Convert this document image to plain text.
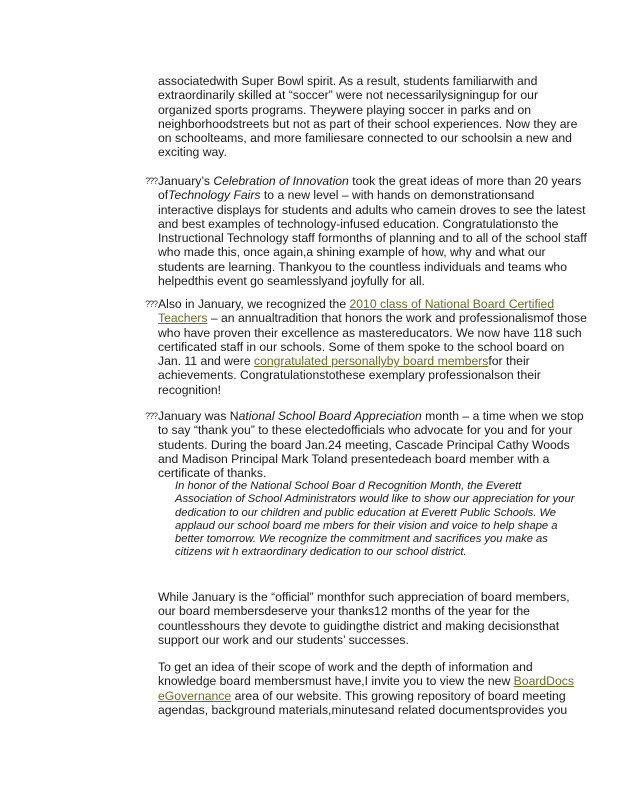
associatedwith Super Bowl spirit. As a result, students familiarwith and extraordinarily skilled at “soccer” were not necessarilysigningup for our organized sports programs. Theywere playing soccer in parks and on neighborhoodstreets but not as part of their school experiences. Now they are on schoolteams, and more familiesare connected to our schoolsin a new and exciting way.

??? January’s Celebration of Innovation took the great ideas of more than 20 years ofTechnology Fairs to a new level – with hands on demonstrationsand interactive displays for students and adults who camein droves to see the latest and best examples of technology-infused education. Congratulationsto the Instructional Technology staff formonths of planning and to all of the school staff who made this, once again,a shining example of how, why and what our students are learning. Thankyou to the countless individuals and teams who helpedthis event go seamlesslyand joyfully for all.

??? Also in January, we recognized the 2010 class of National Board Certified Teachers – an annualtradition that honors the work and professionalismof those who have proven their excellence as mastereducators. We now have 118 such certificated staff in our schools. Some of them spoke to the school board on Jan. 11 and were congratulated personallyby board membersfor their achievements. Congratulationstothese exemplary professionalson their recognition!

??? January was National School Board Appreciation month – a time when we stop to say “thank you” to these electedofficials who advocate for you and for your students. During the board Jan.24 meeting, Cascade Principal Cathy Woods and Madison Principal Mark Toland presentedeach board member with a certificate of thanks.

In honor of the National School Boar d Recognition Month, the Everett Association of School Administrators would like to show our appreciation for your dedication to our children and public education at Everett Public Schools. We applaud our school board me mbers for their vision and voice to help shape a better tomorrow. We recognize the commitment and sacrifices you make as citizens wit h extraordinary dedication to our school district.

While January is the “official” monthfor such appreciation of board members, our board membersdeserve your thanks12 months of the year for the countlesshours they devote to guidingthe district and making decisionsthat support our work and our students’ successes.

To get an idea of their scope of work and the depth of information and knowledge board membersmust have,I invite you to view the new BoardDocs eGovernance area of our website. This growing repository of board meeting agendas, background materials,minutesand related documentsprovides you
